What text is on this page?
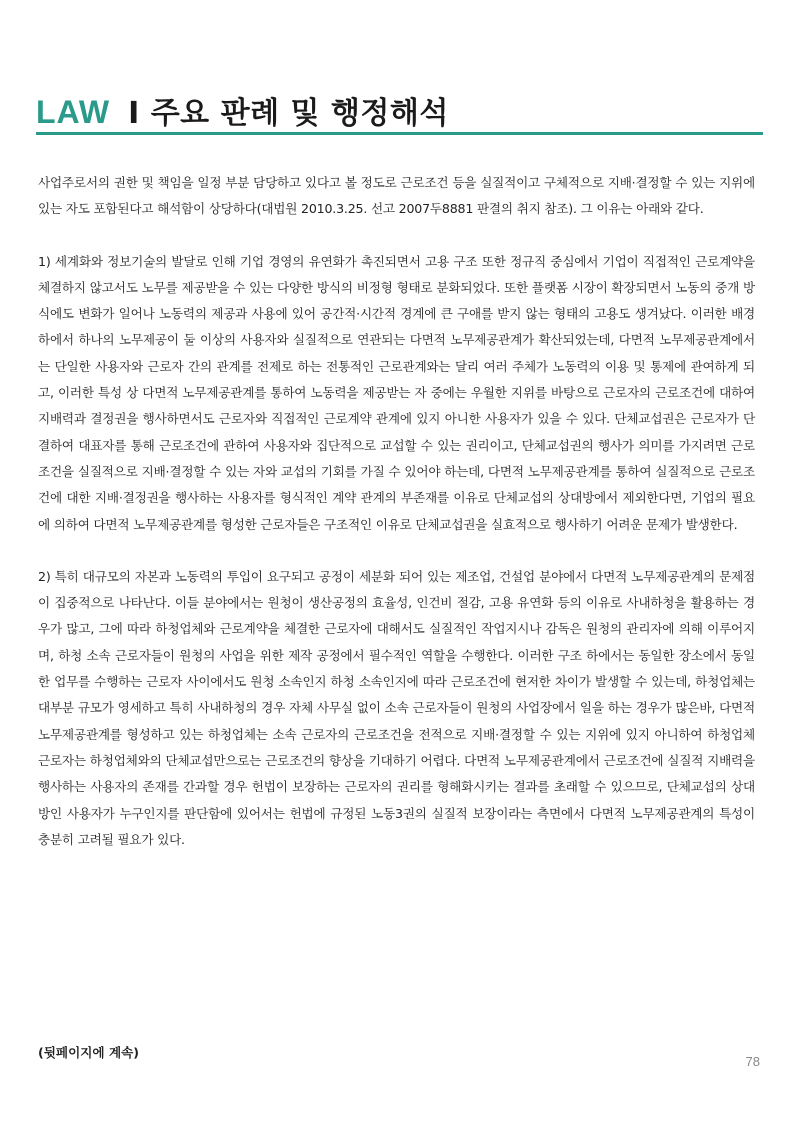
LAW I 주요 판례 및 행정해석

사업주로서의 권한 및 책임을 일정 부분 담당하고 있다고 볼 정도로 근로조건 등을 실질적이고 구체적으로 지배·결정할 수 있는 지위에 있는 자도 포함된다고 해석함이 상당하다(대법원 2010.3.25. 선고 2007두8881 판결의 취지 참조). 그 이유는 아래와 같다.

1) 세계화와 정보기술의 발달로 인해 기업 경영의 유연화가 촉진되면서 고용 구조 또한 정규직 중심에서 기업이 직접적인 근로계약을 체결하지 않고서도 노무를 제공받을 수 있는 다양한 방식의 비정형 형태로 분화되었다. 또한 플랫폼 시장이 확장되면서 노동의 중개 방식에도 변화가 일어나 노동력의 제공과 사용에 있어 공간적·시간적 경계에 큰 구애를 받지 않는 형태의 고용도 생겨났다. 이러한 배경 하에서 하나의 노무제공이 둘 이상의 사용자와 실질적으로 연관되는 다면적 노무제공관계가 확산되었는데, 다면적 노무제공관계에서는 단일한 사용자와 근로자 간의 관계를 전제로 하는 전통적인 근로관계와는 달리 여러 주체가 노동력의 이용 및 통제에 관여하게 되고, 이러한 특성 상 다면적 노무제공관계를 통하여 노동력을 제공받는 자 중에는 우월한 지위를 바탕으로 근로자의 근로조건에 대하여 지배력과 결정권을 행사하면서도 근로자와 직접적인 근로계약 관계에 있지 아니한 사용자가 있을 수 있다. 단체교섭권은 근로자가 단결하여 대표자를 통해 근로조건에 관하여 사용자와 집단적으로 교섭할 수 있는 권리이고, 단체교섭권의 행사가 의미를 가지려면 근로조건을 실질적으로 지배·결정할 수 있는 자와 교섭의 기회를 가질 수 있어야 하는데, 다면적 노무제공관계를 통하여 실질적으로 근로조건에 대한 지배·결정권을 행사하는 사용자를 형식적인 계약 관계의 부존재를 이유로 단체교섭의 상대방에서 제외한다면, 기업의 필요에 의하여 다면적 노무제공관계를 형성한 근로자들은 구조적인 이유로 단체교섭권을 실효적으로 행사하기 어려운 문제가 발생한다.

2) 특히 대규모의 자본과 노동력의 투입이 요구되고 공정이 세분화 되어 있는 제조업, 건설업 분야에서 다면적 노무제공관계의 문제점이 집중적으로 나타난다. 이들 분야에서는 원청이 생산공정의 효율성, 인건비 절감, 고용 유연화 등의 이유로 사내하청을 활용하는 경우가 많고, 그에 따라 하청업체와 근로계약을 체결한 근로자에 대해서도 실질적인 작업지시나 감독은 원청의 관리자에 의해 이루어지며, 하청 소속 근로자들이 원청의 사업을 위한 제작 공정에서 필수적인 역할을 수행한다. 이러한 구조 하에서는 동일한 장소에서 동일한 업무를 수행하는 근로자 사이에서도 원청 소속인지 하청 소속인지에 따라 근로조건에 현저한 차이가 발생할 수 있는데, 하청업체는 대부분 규모가 영세하고 특히 사내하청의 경우 자체 사무실 없이 소속 근로자들이 원청의 사업장에서 일을 하는 경우가 많은바, 다면적 노무제공관계를 형성하고 있는 하청업체는 소속 근로자의 근로조건을 전적으로 지배·결정할 수 있는 지위에 있지 아니하여 하청업체 근로자는 하청업체와의 단체교섭만으로는 근로조건의 향상을 기대하기 어렵다. 다면적 노무제공관계에서 근로조건에 실질적 지배력을 행사하는 사용자의 존재를 간과할 경우 헌법이 보장하는 근로자의 권리를 형해화시키는 결과를 초래할 수 있으므로, 단체교섭의 상대방인 사용자가 누구인지를 판단함에 있어서는 헌법에 규정된 노동3권의 실질적 보장이라는 측면에서 다면적 노무제공관계의 특성이 충분히 고려될 필요가 있다.

(뒷페이지에 계속)
78
